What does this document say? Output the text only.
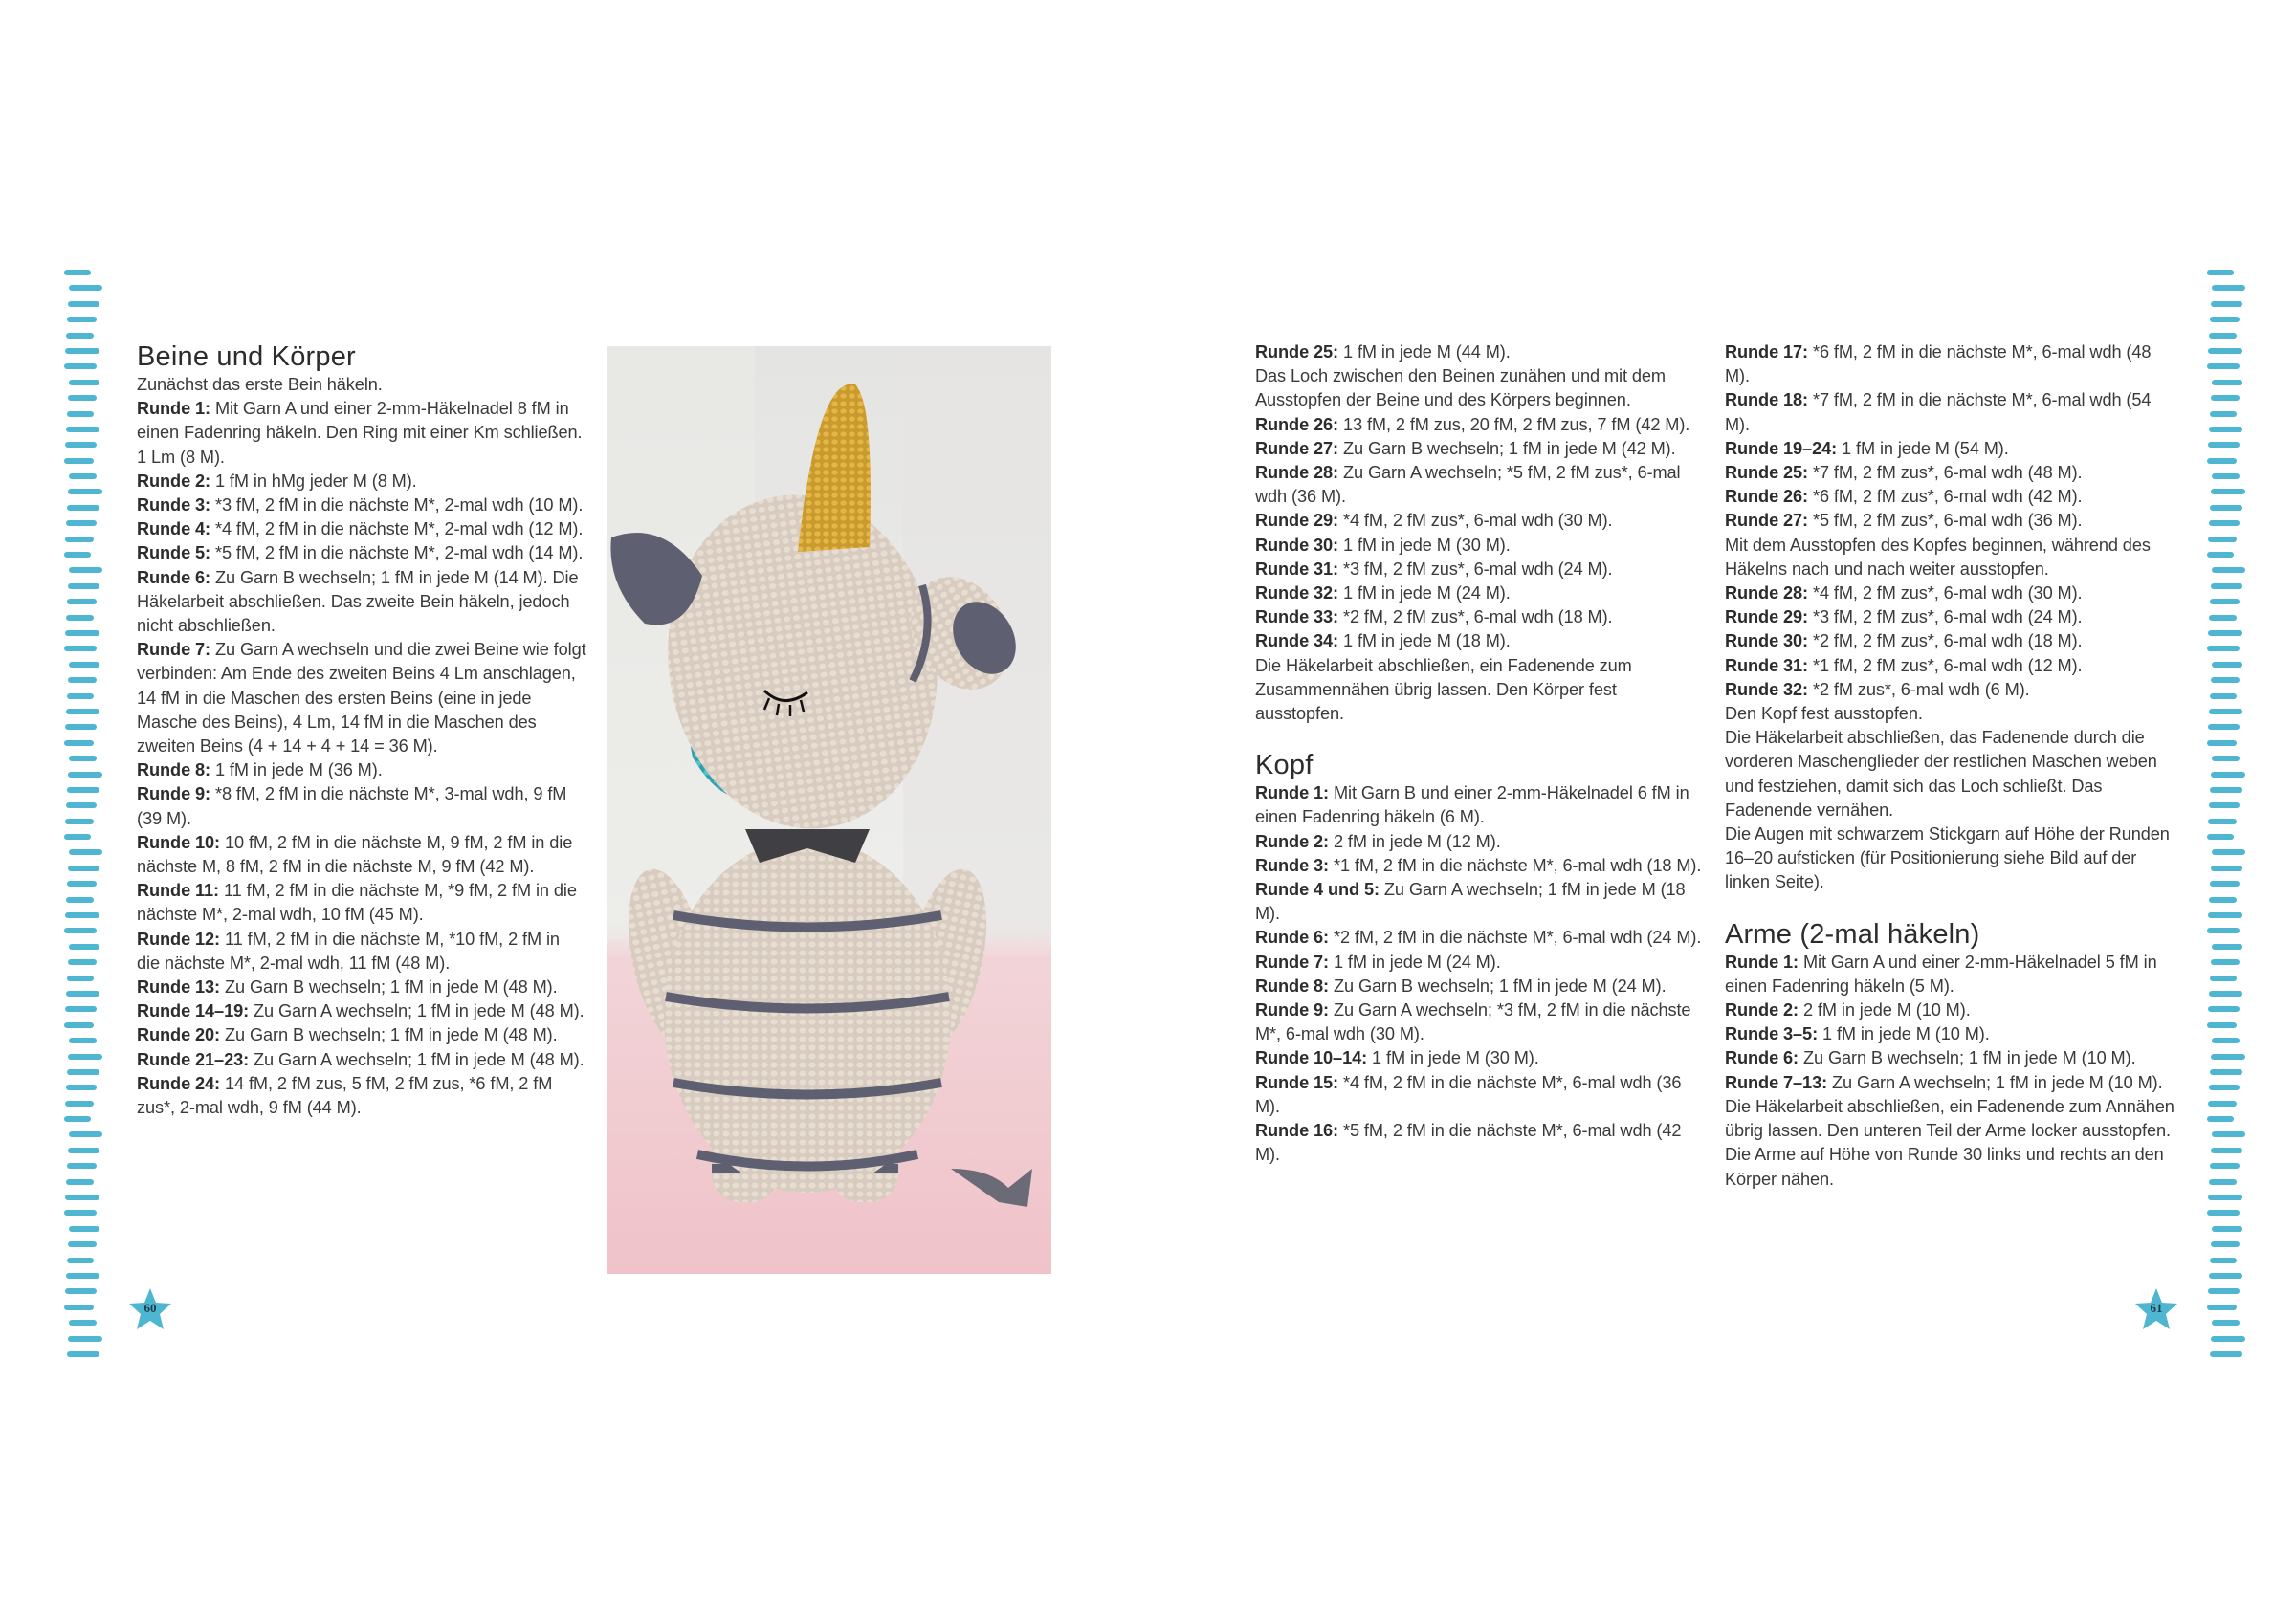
Beine und Körper

Zunächst das erste Bein häkeln.

Runde 1: Mit Garn A und einer 2-mm-Häkelnadel 8 fM in einen Fadenring häkeln. Den Ring mit einer Km schließen. 1 Lm (8 M).

Runde 2: 1 fM in hMg jeder M (8 M).

Runde 3: *3 fM, 2 fM in die nächste M*, 2-mal wdh (10 M).

Runde 4: *4 fM, 2 fM in die nächste M*, 2-mal wdh (12 M).

Runde 5: *5 fM, 2 fM in die nächste M*, 2-mal wdh (14 M).

Runde 6: Zu Garn B wechseln; 1 fM in jede M (14 M). Die Häkelarbeit abschließen. Das zweite Bein häkeln, jedoch nicht abschließen.

Runde 7: Zu Garn A wechseln und die zwei Beine wie folgt verbinden: Am Ende des zweiten Beins 4 Lm anschlagen, 14 fM in die Maschen des ersten Beins (eine in jede Masche des Beins), 4 Lm, 14 fM in die Maschen des zweiten Beins (4 + 14 + 4 + 14 = 36 M).

Runde 8: 1 fM in jede M (36 M).

Runde 9: *8 fM, 2 fM in die nächste M*, 3-mal wdh, 9 fM (39 M).

Runde 10: 10 fM, 2 fM in die nächste M, 9 fM, 2 fM in die nächste M, 8 fM, 2 fM in die nächste M, 9 fM (42 M).

Runde 11: 11 fM, 2 fM in die nächste M, *9 fM, 2 fM in die nächste M*, 2-mal wdh, 10 fM (45 M).

Runde 12: 11 fM, 2 fM in die nächste M, *10 fM, 2 fM in die nächste M*, 2-mal wdh, 11 fM (48 M).

Runde 13: Zu Garn B wechseln; 1 fM in jede M (48 M).

Runde 14–19: Zu Garn A wechseln; 1 fM in jede M (48 M).

Runde 20: Zu Garn B wechseln; 1 fM in jede M (48 M).

Runde 21–23: Zu Garn A wechseln; 1 fM in jede M (48 M).

Runde 24: 14 fM, 2 fM zus, 5 fM, 2 fM zus, *6 fM, 2 fM zus*, 2-mal wdh, 9 fM (44 M).

Runde 25: 1 fM in jede M (44 M).

Das Loch zwischen den Beinen zunähen und mit dem Ausstopfen der Beine und des Körpers beginnen.

Runde 26: 13 fM, 2 fM zus, 20 fM, 2 fM zus, 7 fM (42 M).

Runde 27: Zu Garn B wechseln; 1 fM in jede M (42 M).

Runde 28: Zu Garn A wechseln; *5 fM, 2 fM zus*, 6-mal wdh (36 M).

Runde 29: *4 fM, 2 fM zus*, 6-mal wdh (30 M).

Runde 30: 1 fM in jede M (30 M).

Runde 31: *3 fM, 2 fM zus*, 6-mal wdh (24 M).

Runde 32: 1 fM in jede M (24 M).

Runde 33: *2 fM, 2 fM zus*, 6-mal wdh (18 M).

Runde 34: 1 fM in jede M (18 M).

Die Häkelarbeit abschließen, ein Fadenende zum Zusammennähen übrig lassen. Den Körper fest ausstopfen.

Kopf

Runde 1: Mit Garn B und einer 2-mm-Häkelnadel 6 fM in einen Fadenring häkeln (6 M).

Runde 2: 2 fM in jede M (12 M).

Runde 3: *1 fM, 2 fM in die nächste M*, 6-mal wdh (18 M).

Runde 4 und 5: Zu Garn A wechseln; 1 fM in jede M (18 M).

Runde 6: *2 fM, 2 fM in die nächste M*, 6-mal wdh (24 M).

Runde 7: 1 fM in jede M (24 M).

Runde 8: Zu Garn B wechseln; 1 fM in jede M (24 M).

Runde 9: Zu Garn A wechseln; *3 fM, 2 fM in die nächste M*, 6-mal wdh (30 M).

Runde 10–14: 1 fM in jede M (30 M).

Runde 15: *4 fM, 2 fM in die nächste M*, 6-mal wdh (36 M).

Runde 16: *5 fM, 2 fM in die nächste M*, 6-mal wdh (42 M).

Runde 17: *6 fM, 2 fM in die nächste M*, 6-mal wdh (48 M).

Runde 18: *7 fM, 2 fM in die nächste M*, 6-mal wdh (54 M).

Runde 19–24: 1 fM in jede M (54 M).

Runde 25: *7 fM, 2 fM zus*, 6-mal wdh (48 M).

Runde 26: *6 fM, 2 fM zus*, 6-mal wdh (42 M).

Runde 27: *5 fM, 2 fM zus*, 6-mal wdh (36 M).

Mit dem Ausstopfen des Kopfes beginnen, während des Häkelns nach und nach weiter ausstopfen.

Runde 28: *4 fM, 2 fM zus*, 6-mal wdh (30 M).

Runde 29: *3 fM, 2 fM zus*, 6-mal wdh (24 M).

Runde 30: *2 fM, 2 fM zus*, 6-mal wdh (18 M).

Runde 31: *1 fM, 2 fM zus*, 6-mal wdh (12 M).

Runde 32: *2 fM zus*, 6-mal wdh (6 M).

Den Kopf fest ausstopfen.

Die Häkelarbeit abschließen, das Fadenende durch die vorderen Maschenglieder der restlichen Maschen weben und festziehen, damit sich das Loch schließt. Das Fadenende vernähen.

Die Augen mit schwarzem Stickgarn auf Höhe der Runden 16–20 aufsticken (für Positionierung siehe Bild auf der linken Seite).

Arme (2-mal häkeln)

Runde 1: Mit Garn A und einer 2-mm-Häkelnadel 5 fM in einen Fadenring häkeln (5 M).

Runde 2: 2 fM in jede M (10 M).

Runde 3–5: 1 fM in jede M (10 M).

Runde 6: Zu Garn B wechseln; 1 fM in jede M (10 M).

Runde 7–13: Zu Garn A wechseln; 1 fM in jede M (10 M).

Die Häkelarbeit abschließen, ein Fadenende zum Annähen übrig lassen. Den unteren Teil der Arme locker ausstopfen.

Die Arme auf Höhe von Runde 30 links und rechts an den Körper nähen.

60	61
